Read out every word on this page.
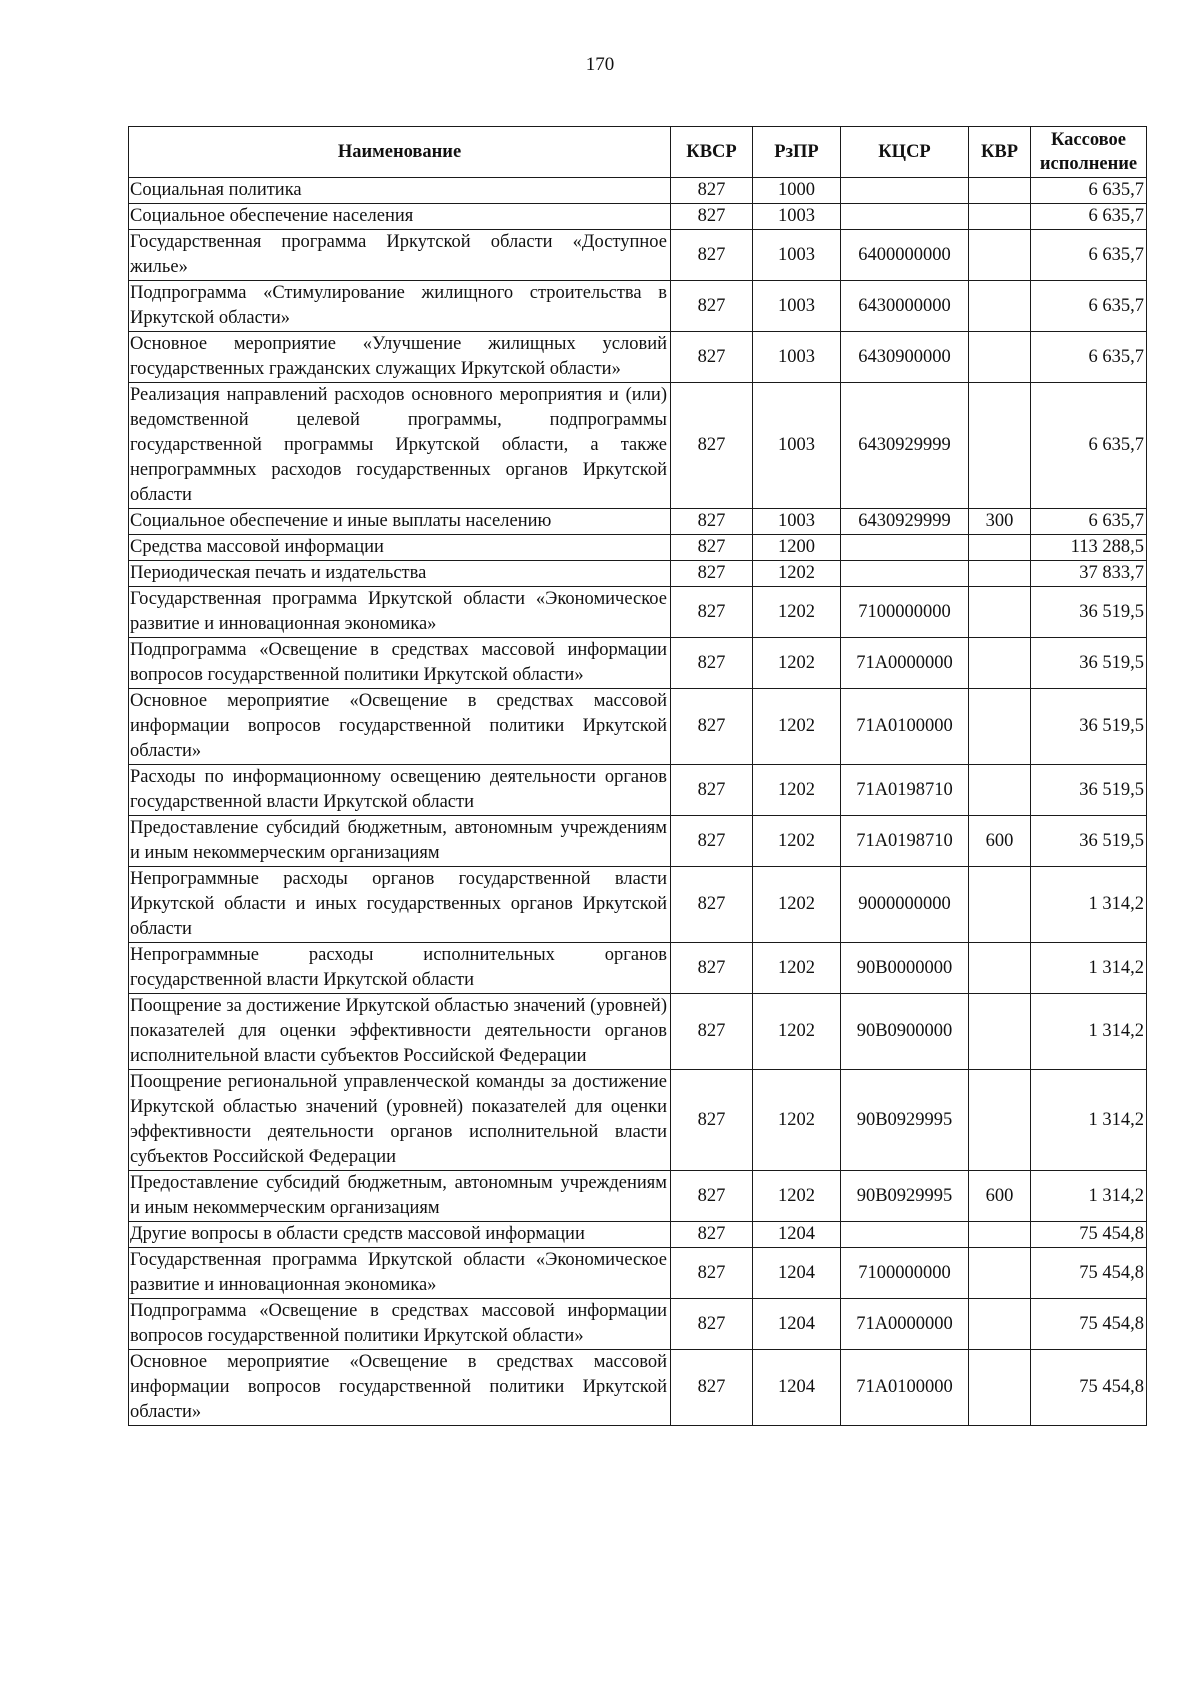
170
Наименование	КВСР	РзПР	КЦСР	КВР	Кассовое исполнение
Социальная политика	827	1000			6 635,7
Социальное обеспечение населения	827	1003			6 635,7
Государственная программа Иркутской области «Доступное жилье»	827	1003	6400000000		6 635,7
Подпрограмма «Стимулирование жилищного строительства в Иркутской области»	827	1003	6430000000		6 635,7
Основное мероприятие «Улучшение жилищных условий государственных гражданских служащих Иркутской области»	827	1003	6430900000		6 635,7
Реализация направлений расходов основного мероприятия и (или) ведомственной целевой программы, подпрограммы государственной программы Иркутской области, а также непрограммных расходов государственных органов Иркутской области	827	1003	6430929999		6 635,7
Социальное обеспечение и иные выплаты населению	827	1003	6430929999	300	6 635,7
Средства массовой информации	827	1200			113 288,5
Периодическая печать и издательства	827	1202			37 833,7
Государственная программа Иркутской области «Экономическое развитие и инновационная экономика»	827	1202	7100000000		36 519,5
Подпрограмма «Освещение в средствах массовой информации вопросов государственной политики Иркутской области»	827	1202	71А0000000		36 519,5
Основное мероприятие «Освещение в средствах массовой информации вопросов государственной политики Иркутской области»	827	1202	71А0100000		36 519,5
Расходы по информационному освещению деятельности органов государственной власти Иркутской области	827	1202	71А0198710		36 519,5
Предоставление субсидий бюджетным, автономным учреждениям и иным некоммерческим организациям	827	1202	71А0198710	600	36 519,5
Непрограммные расходы органов государственной власти Иркутской области и иных государственных органов Иркутской области	827	1202	9000000000		1 314,2
Непрограммные расходы исполнительных органов государственной власти Иркутской области	827	1202	90В0000000		1 314,2
Поощрение за достижение Иркутской областью значений (уровней) показателей для оценки эффективности деятельности органов исполнительной власти субъектов Российской Федерации	827	1202	90В0900000		1 314,2
Поощрение региональной управленческой команды за достижение Иркутской областью значений (уровней) показателей для оценки эффективности деятельности органов исполнительной власти субъектов Российской Федерации	827	1202	90В0929995		1 314,2
Предоставление субсидий бюджетным, автономным учреждениям и иным некоммерческим организациям	827	1202	90В0929995	600	1 314,2
Другие вопросы в области средств массовой информации	827	1204			75 454,8
Государственная программа Иркутской области «Экономическое развитие и инновационная экономика»	827	1204	7100000000		75 454,8
Подпрограмма «Освещение в средствах массовой информации вопросов государственной политики Иркутской области»	827	1204	71А0000000		75 454,8
Основное мероприятие «Освещение в средствах массовой информации вопросов государственной политики Иркутской области»	827	1204	71А0100000		75 454,8
